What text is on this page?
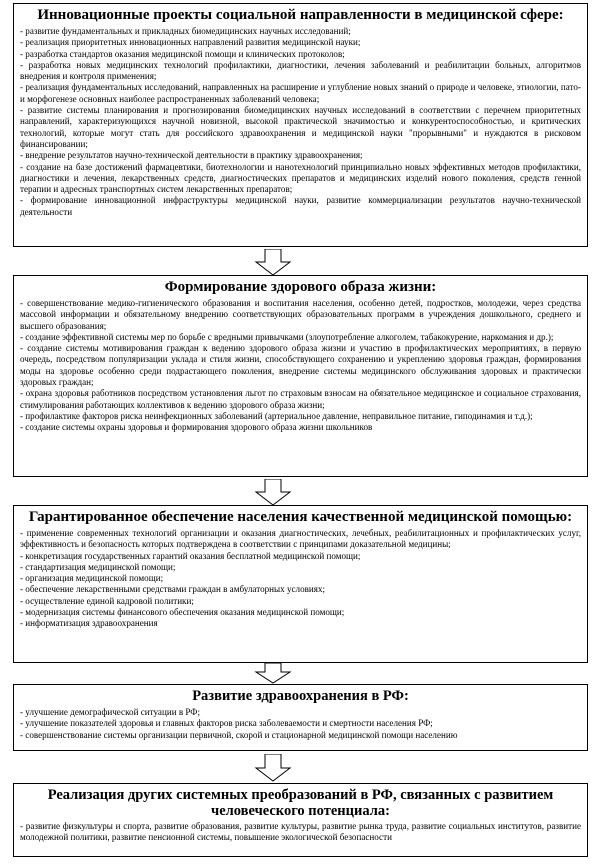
Инновационные проекты социальной направленности в медицинской сфере:
- развитие фундаментальных и прикладных биомедицинских научных исследований;
- реализация приоритетных инновационных направлений развития медицинской науки;
- разработка стандартов оказания медицинской помощи и клинических протоколов;
- разработка новых медицинских технологий профилактики, диагностики, лечения заболеваний и реабилитации больных, алгоритмов внедрения и контроля применения;
- реализация фундаментальных исследований, направленных на расширение и углубление новых знаний о природе и человеке, этиологии, пато- и морфогенезе основных наиболее распространенных заболеваний человека;
- развитие системы планирования и прогнозирования биомедицинских научных исследований в соответствии с перечнем приоритетных направлений, характеризующихся научной новизной, высокой практической значимостью и конкурентоспособностью, и критических технологий, которые могут стать для российского здравоохранения и медицинской науки "прорывными" и нуждаются в рисковом финансировании;
- внедрение результатов научно-технической деятельности в практику здравоохранения;
- создание на базе достижений фармацевтики, биотехнологии и нанотехнологий принципиально новых эффективных методов профилактики, диагностики и лечения, лекарственных средств, диагностических препаратов и медицинских изделий нового поколения, средств генной терапии и адресных транспортных систем лекарственных препаратов;
- формирование инновационной инфраструктуры медицинской науки, развитие коммерциализации результатов научно-технической деятельности
Формирование здорового образа жизни:
- совершенствование медико-гигиенического образования и воспитания населения, особенно детей, подростков, молодежи, через средства массовой информации и обязательному внедрению соответствующих образовательных программ в учреждения дошкольного, среднего и высшего образования;
- создание эффективной системы мер по борьбе с вредными привычками (злоупотребление алкоголем, табакокурение, наркомания и др.);
- создание системы мотивирования граждан к ведению здорового образа жизни и участию в профилактических мероприятиях, в первую очередь, посредством популяризации уклада и стиля жизни, способствующего сохранению и укреплению здоровья граждан, формирования моды на здоровье особенно среди подрастающего поколения, внедрение системы медицинского обслуживания здоровых и практически здоровых граждан;
- охрана здоровья работников посредством установления льгот по страховым взносам на обязательное медицинское и социальное страхования, стимулирования работающих коллективов к ведению здорового образа жизни;
- профилактике факторов риска неинфекционных заболеваний (артериальное давление, неправильное питание, гиподинамия и т.д.);
- создание системы охраны здоровья и формирования здорового образа жизни школьников
Гарантированное обеспечение населения качественной медицинской помощью:
- применение современных технологий организации и оказания диагностических, лечебных, реабилитационных и профилактических услуг, эффективность и безопасность которых подтверждена в соответствии с принципами доказательной медицины;
- конкретизация государственных гарантий оказания бесплатной медицинской помощи;
- стандартизация медицинской помощи;
- организация медицинской помощи;
- обеспечение лекарственными средствами граждан в амбулаторных условиях;
- осуществление единой кадровой политики;
- модернизация системы финансового обеспечения оказания медицинской помощи;
- информатизация здравоохранения
Развитие здравоохранения в РФ:
- улучшение демографической ситуации в РФ;
- улучшение показателей здоровья и главных факторов риска заболеваемости и смертности населения РФ;
- совершенствование системы организации первичной, скорой и стационарной медицинской помощи населению
Реализация других системных преобразований в РФ, связанных с развитием человеческого потенциала:
- развитие физкультуры и спорта, развитие образования, развитие культуры, развитие рынка труда, развитие социальных институтов, развитие молодежной политики, развитие пенсионной системы, повышение экологической безопасности
